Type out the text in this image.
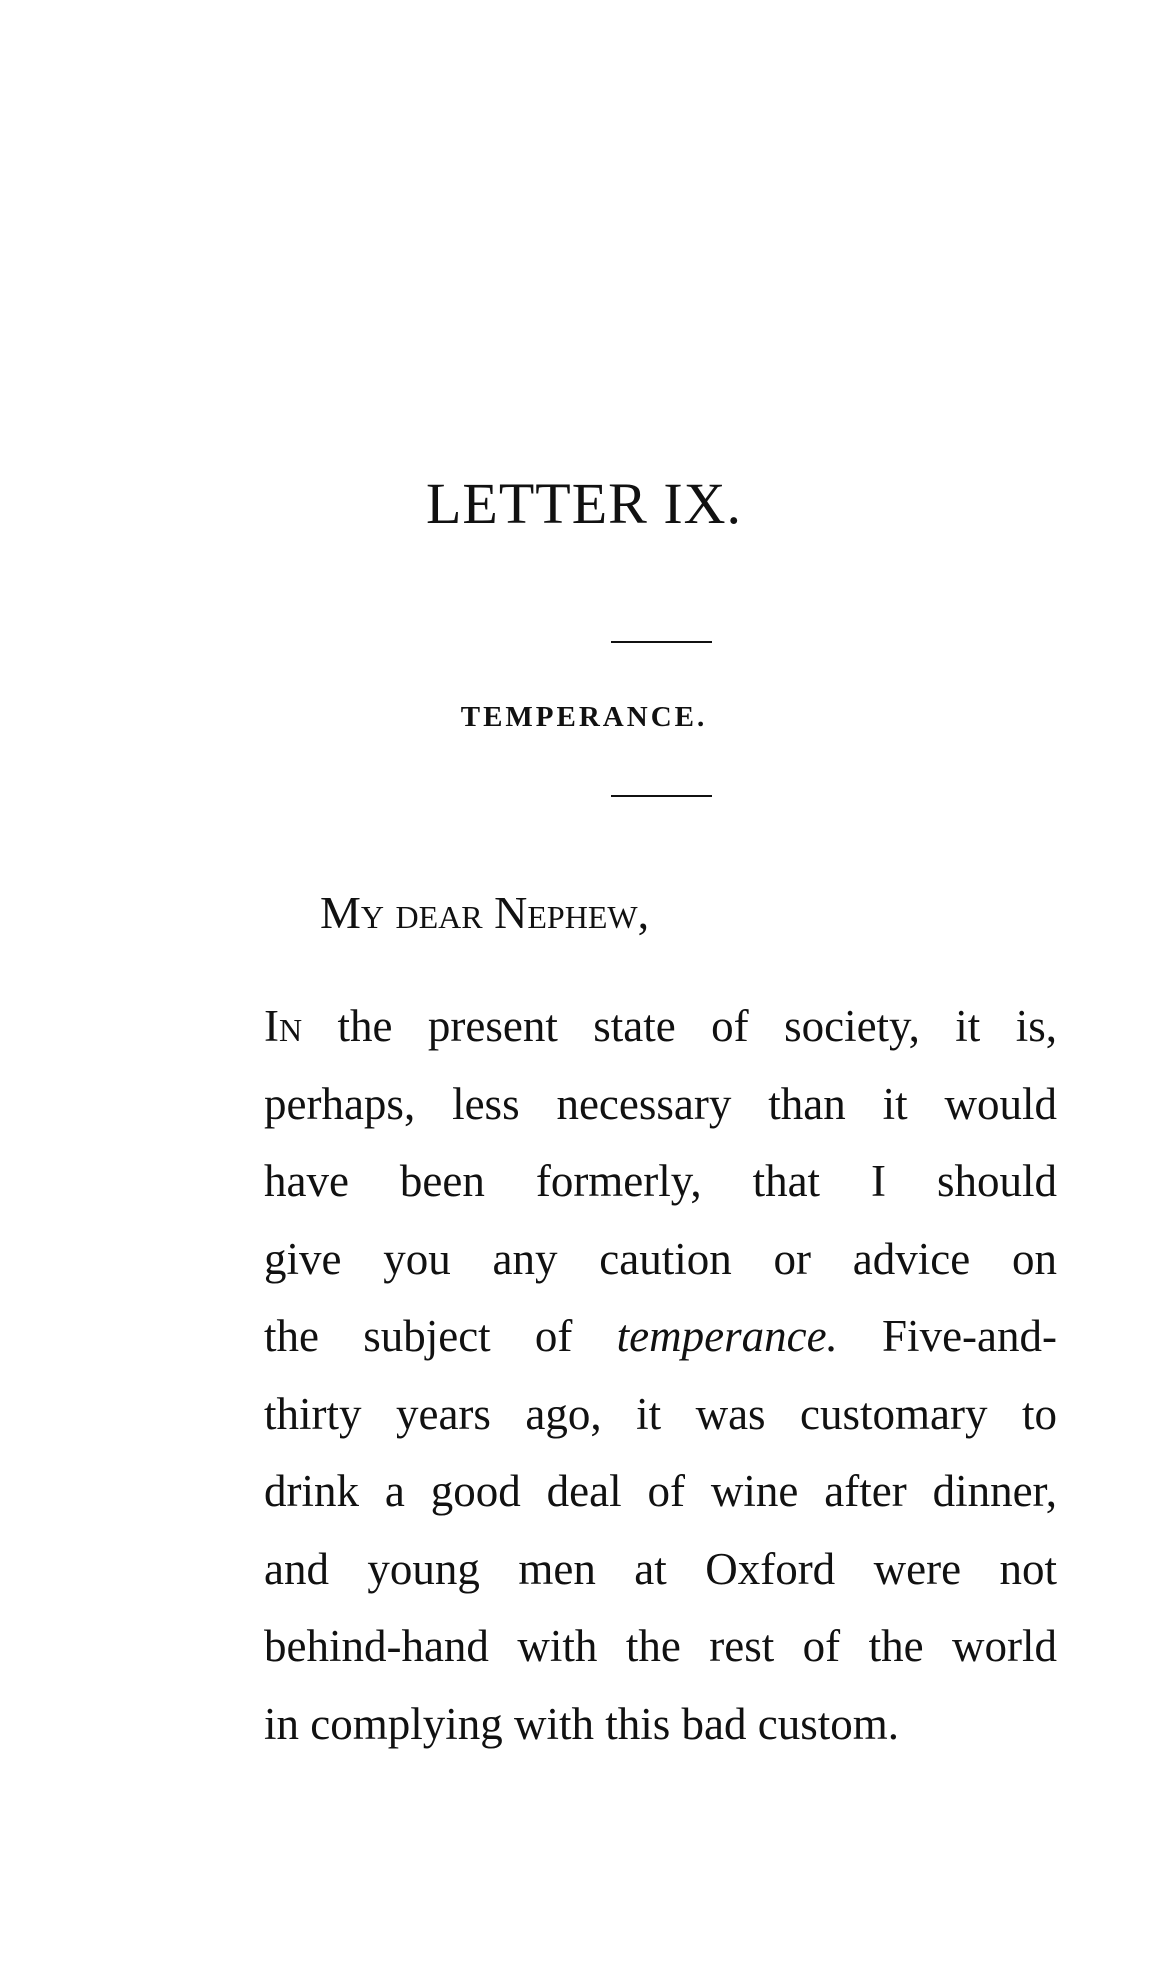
LETTER IX.
TEMPERANCE.
My dear Nephew,
In the present state of society, it is,
perhaps, less necessary than it would
have been formerly, that I should
give you any caution or advice on
the subject of temperance. Five-and-
thirty years ago, it was customary to
drink a good deal of wine after dinner,
and young men at Oxford were not
behind-hand with the rest of the world
in complying with this bad custom.
